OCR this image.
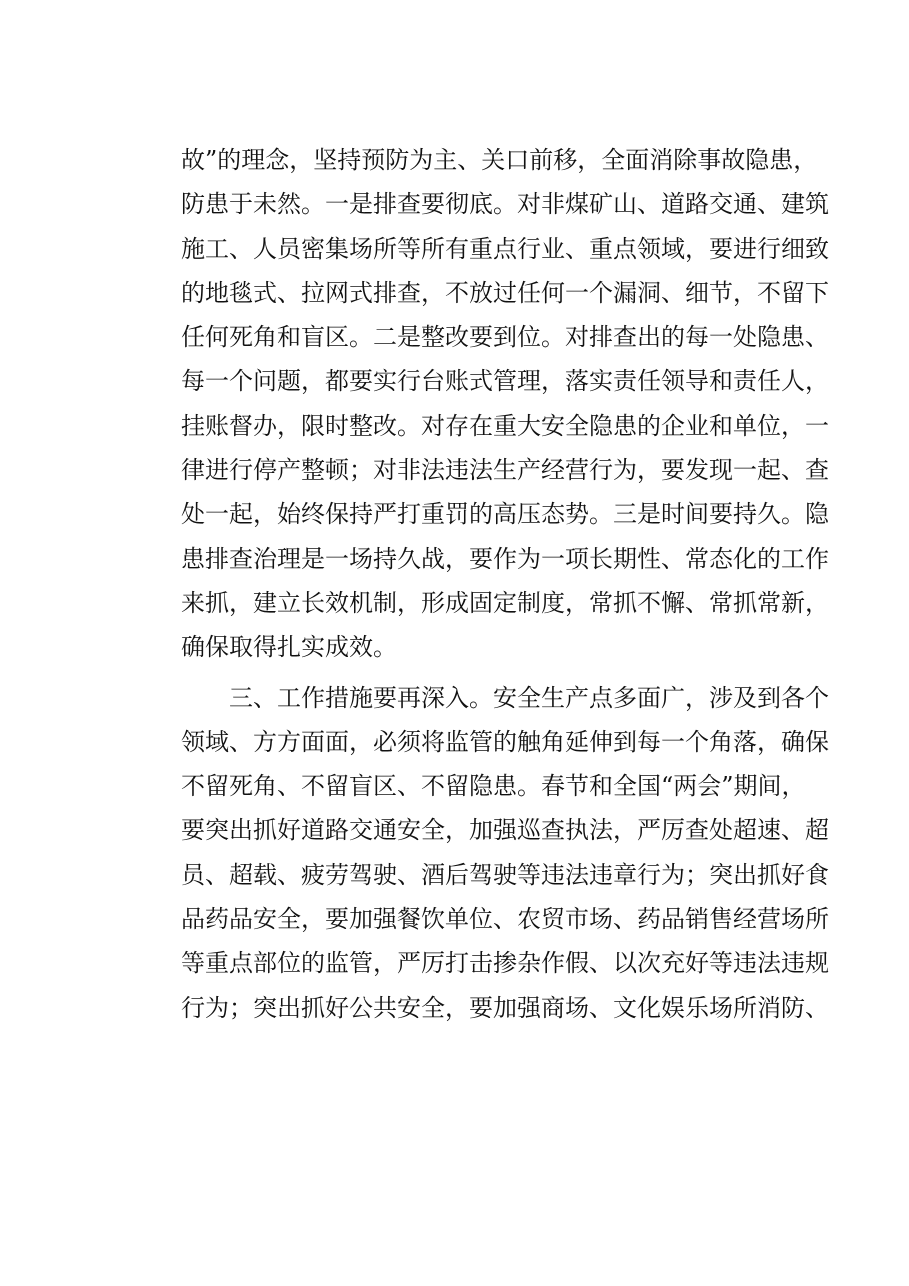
故”的理念，坚持预防为主、关口前移，全面消除事故隐患，
防患于未然。一是排查要彻底。对非煤矿山、道路交通、建筑
施工、人员密集场所等所有重点行业、重点领域，要进行细致
的地毯式、拉网式排查，不放过任何一个漏洞、细节，不留下
任何死角和盲区。二是整改要到位。对排查出的每一处隐患、
每一个问题，都要实行台账式管理，落实责任领导和责任人，
挂账督办，限时整改。对存在重大安全隐患的企业和单位，一
律进行停产整顿；对非法违法生产经营行为，要发现一起、查
处一起，始终保持严打重罚的高压态势。三是时间要持久。隐
患排查治理是一场持久战，要作为一项长期性、常态化的工作
来抓，建立长效机制，形成固定制度，常抓不懈、常抓常新，
确保取得扎实成效。
三、工作措施要再深入。安全生产点多面广，涉及到各个
领域、方方面面，必须将监管的触角延伸到每一个角落，确保
不留死角、不留盲区、不留隐患。春节和全国“两会”期间，
要突出抓好道路交通安全，加强巡查执法，严厉查处超速、超
员、超载、疲劳驾驶、酒后驾驶等违法违章行为；突出抓好食
品药品安全，要加强餐饮单位、农贸市场、药品销售经营场所
等重点部位的监管，严厉打击掺杂作假、以次充好等违法违规
行为；突出抓好公共安全，要加强商场、文化娱乐场所消防、
